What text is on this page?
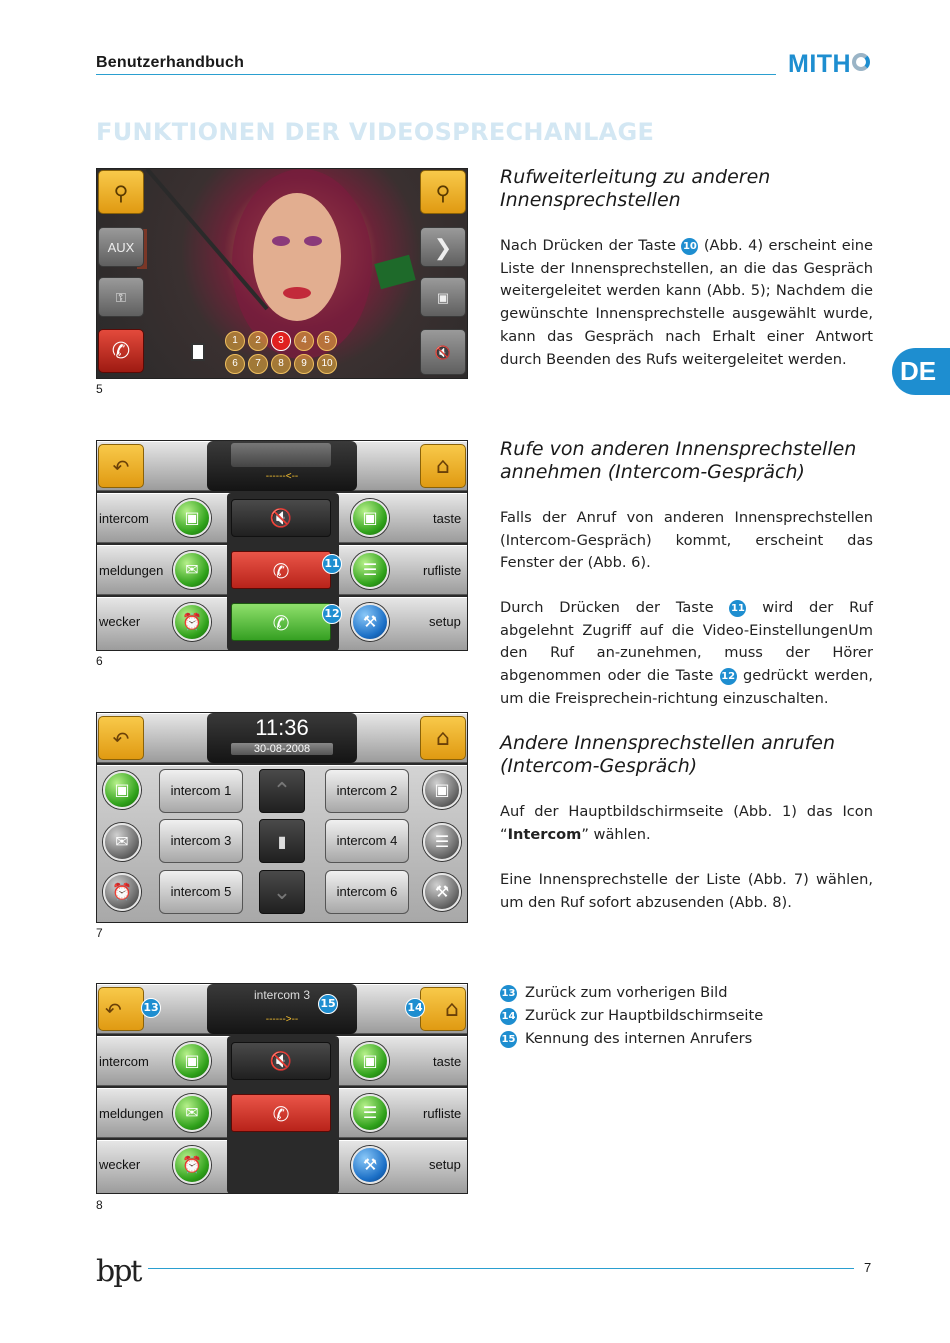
Benutzerhandbuch	MITH
FUNKTIONEN DER VIDEOSPRECHANLAGE
DE
⚲
AUX
⚿
✆
⚲
❯
▣
🔇
1	2	3	4	5
6	7	8	9	10
5
Rufweiterleitung zu anderen Innensprechstellen
Nach Drücken der Taste 10 (Abb. 4) erscheint eine Liste der Innensprechstellen, an die das Gespräch weitergeleitet werden kann (Abb. 5); Nachdem die gewünschte Innensprechstelle ausgewählt wurde, kann das Gespräch nach Erhalt einer Antwort durch Beenden des Rufs weitergeleitet werden.
↶	⌂
------<--
intercom
meldungen
wecker
taste
rufliste
setup
▣
✉
⏰
▣
☰
⚒
🔇
✆
✆
11
12
6
Rufe von anderen Innensprechstellen annehmen (Intercom-Gespräch)
Falls der Anruf von anderen Innensprechstellen (Intercom-Gespräch) kommt, erscheint das Fenster der (Abb. 6).
Durch Drücken der Taste 11 wird der Ruf abgelehnt Zugriff auf die Video-EinstellungenUm den Ruf an-zunehmen, muss der Hörer abgenommen oder die Taste 12 gedrückt werden, um die Freisprechein-richtung einzuschalten.
↶	⌂
11:36
30-08-2008
▣
✉
⏰
▣
☰
⚒
intercom 1	intercom 2
intercom 3	intercom 4
intercom 5	intercom 6
⌃
▮
⌄
7
Andere Innensprechstellen anrufen (Intercom-Gespräch)
Auf der Hauptbildschirmseite (Abb. 1) das Icon “Intercom” wählen.
Eine Innensprechstelle der Liste (Abb. 7) wählen, um den Ruf sofort abzusenden (Abb. 8).
↶	⌂
intercom 3
------>--
intercom
meldungen
wecker
taste
rufliste
setup
▣
✉
⏰
▣
☰
⚒
🔇
✆
13	15	14
8
13 Zurück zum vorherigen Bild
14 Zurück zur Hauptbildschirmseite
15 Kennung des internen Anrufers
bpt	7
